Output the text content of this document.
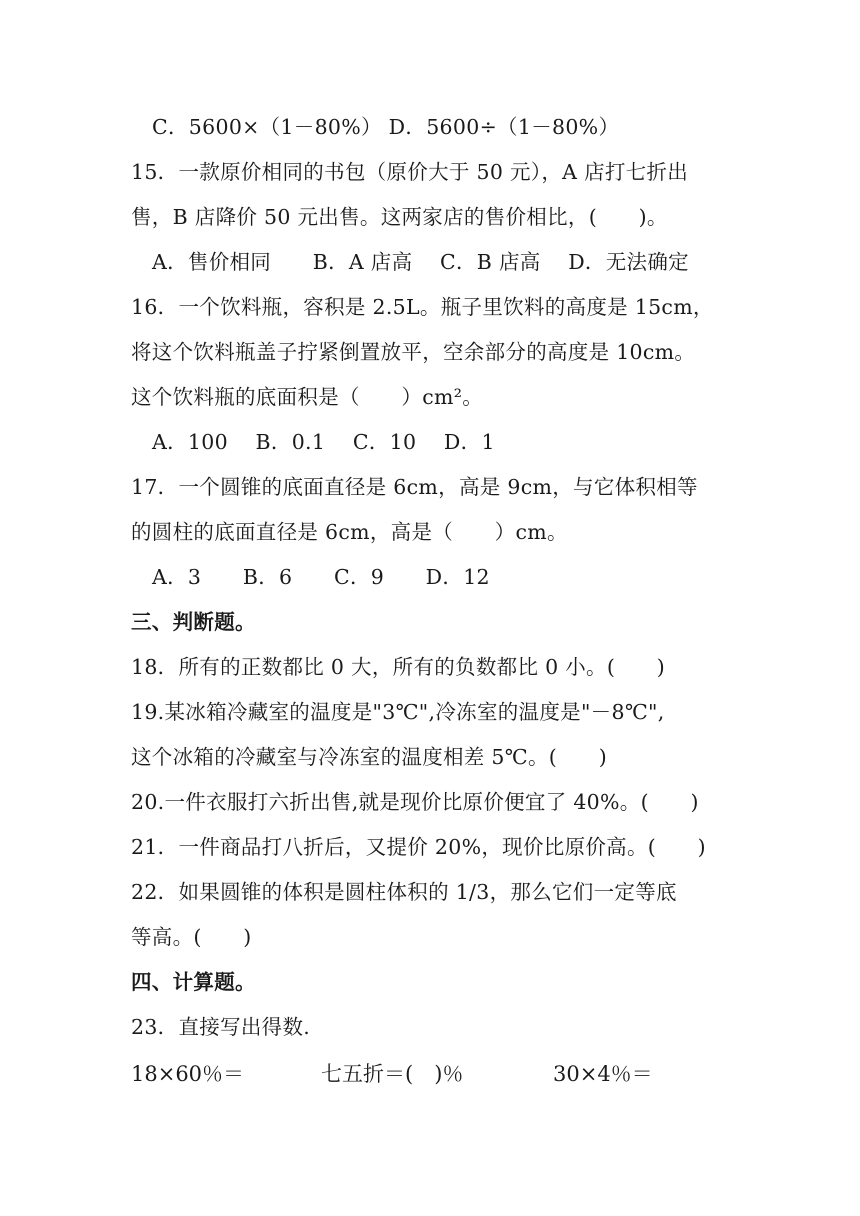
C．5600×（1－80%） D．5600÷（1－80%）
15．一款原价相同的书包（原价大于 50 元），A 店打七折出
售，B 店降价 50 元出售。这两家店的售价相比，(　　)。
A．售价相同　　B．A 店高　 C．B 店高　 D．无法确定
16．一个饮料瓶，容积是 2.5L。瓶子里饮料的高度是 15cm，
将这个饮料瓶盖子拧紧倒置放平，空余部分的高度是 10cm。
这个饮料瓶的底面积是（　　）cm²。
A．100　 B．0.1　 C．10　 D．1
17．一个圆锥的底面直径是 6cm，高是 9cm，与它体积相等
的圆柱的底面直径是 6cm，高是（　　）cm。
A．3　　B．6　　C．9　　D．12
三、判断题。
18．所有的正数都比 0 大，所有的负数都比 0 小。(　　)
19.某冰箱冷藏室的温度是"3℃",冷冻室的温度是"－8℃",
这个冰箱的冷藏室与冷冻室的温度相差 5℃。(　　)
20.一件衣服打六折出售,就是现价比原价便宜了 40%。(　　)
21．一件商品打八折后，又提价 20%，现价比原价高。(　　)
22．如果圆锥的体积是圆柱体积的 1/3，那么它们一定等底
等高。(　　)
四、计算题。
23．直接写出得数.
18×60％＝	七五折＝(　)％	30×4％＝
